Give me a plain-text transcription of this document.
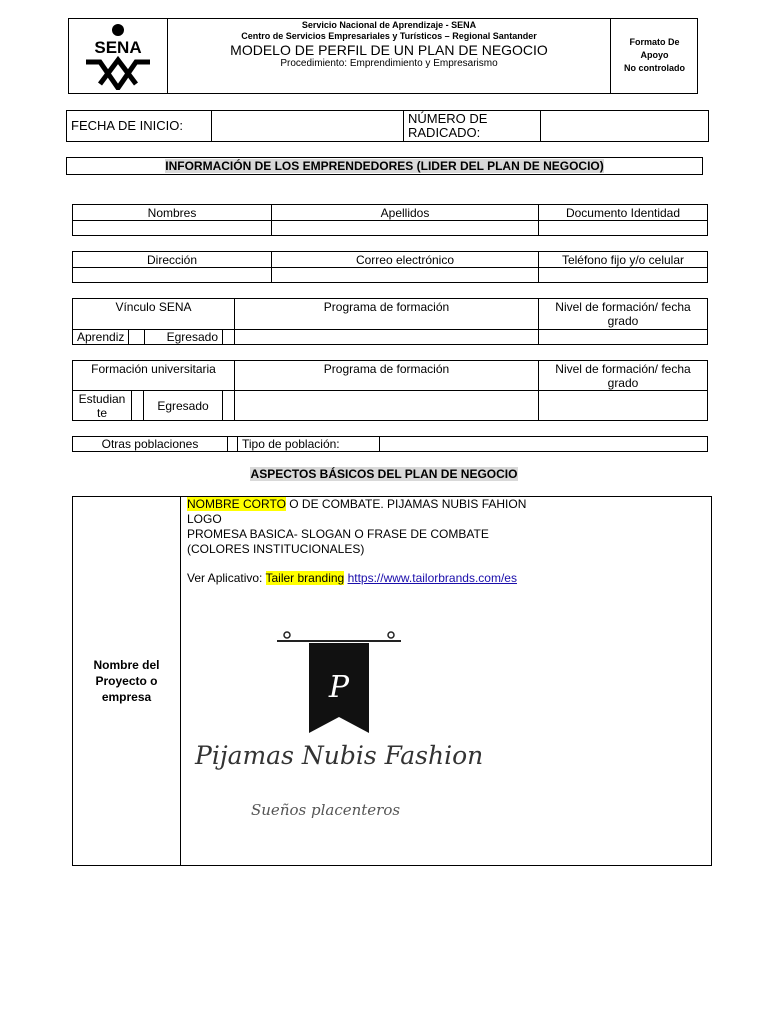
SENA
Servicio Nacional de Aprendizaje - SENA
Centro de Servicios Empresariales y Turísticos – Regional Santander
MODELO DE PERFIL DE UN PLAN DE NEGOCIO
Procedimiento: Emprendimiento y Empresarismo
Formato De
Apoyo
No controlado
FECHA DE INICIO:	NÚMERO DE RADICADO:
INFORMACIÓN DE LOS EMPRENDEDORES (LIDER DEL PLAN DE NEGOCIO)
Nombres	Apellidos	Documento Identidad
Dirección	Correo electrónico	Teléfono fijo y/o celular
Vínculo SENA	Programa de formación	Nivel de formación/ fecha grado
Aprendiz	Egresado
Formación universitaria	Programa de formación	Nivel de formación/ fecha grado
Estudiante	Egresado
Otras poblaciones	Tipo de población:
ASPECTOS BÁSICOS DEL PLAN DE NEGOCIO
Nombre del Proyecto o empresa
NOMBRE CORTO O DE COMBATE. PIJAMAS NUBIS FAHION
LOGO
PROMESA BASICA- SLOGAN O FRASE DE COMBATE
(COLORES INSTITUCIONALES)
Ver Aplicativo: Tailer branding https://www.tailorbrands.com/es
P
Pijamas Nubis Fashion
Sueños placenteros
